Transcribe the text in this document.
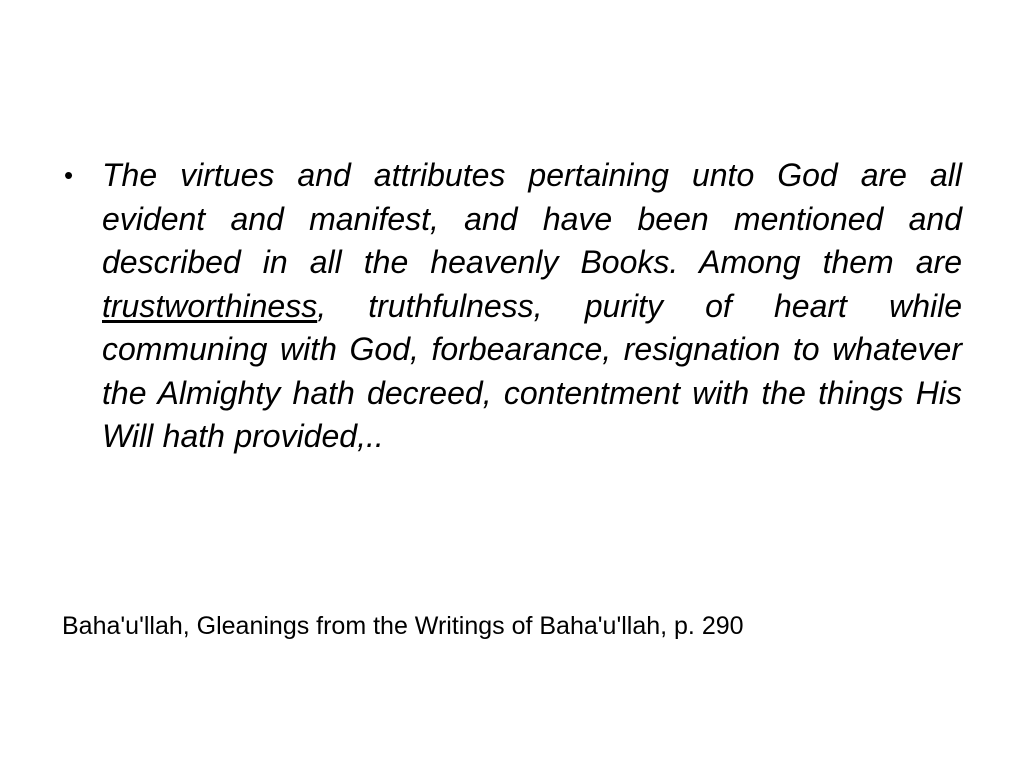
• The virtues and attributes pertaining unto God are all evident and manifest, and have been mentioned and described in all the heavenly Books. Among them are trustworthiness, truthfulness, purity of heart while communing with God, forbearance, resignation to whatever the Almighty hath decreed, contentment with the things His Will hath provided,..

Baha'u'llah, Gleanings from the Writings of Baha'u'llah, p. 290
